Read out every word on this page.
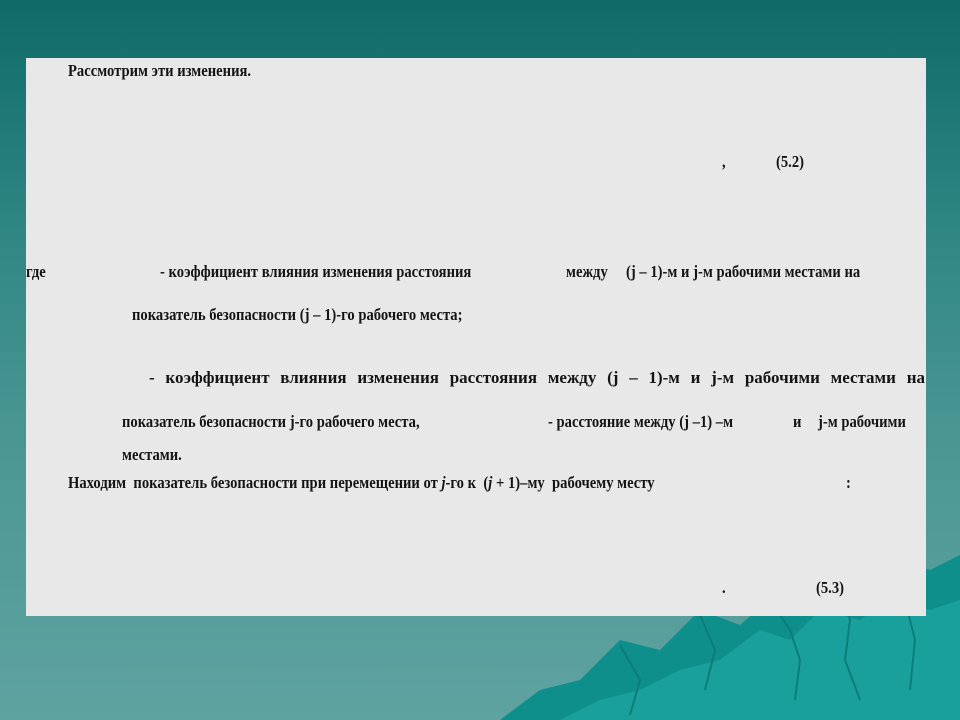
Рассмотрим эти изменения.
,	(5.2)
где	- коэффициент влияния изменения расстояния	между (j – 1)-м и j-м рабочими местами на
показатель безопасности (j – 1)-го рабочего места;
- коэффициент влияния изменения расстояния между (j – 1)-м и j-м рабочими местами на
показатель безопасности j-го рабочего места,	- расстояние между (j –1) –м	и j-м рабочими
местами.
Находим  показатель безопасности при перемещении от j-го к  (j + 1)–му  рабочему месту	:
.	(5.3)
